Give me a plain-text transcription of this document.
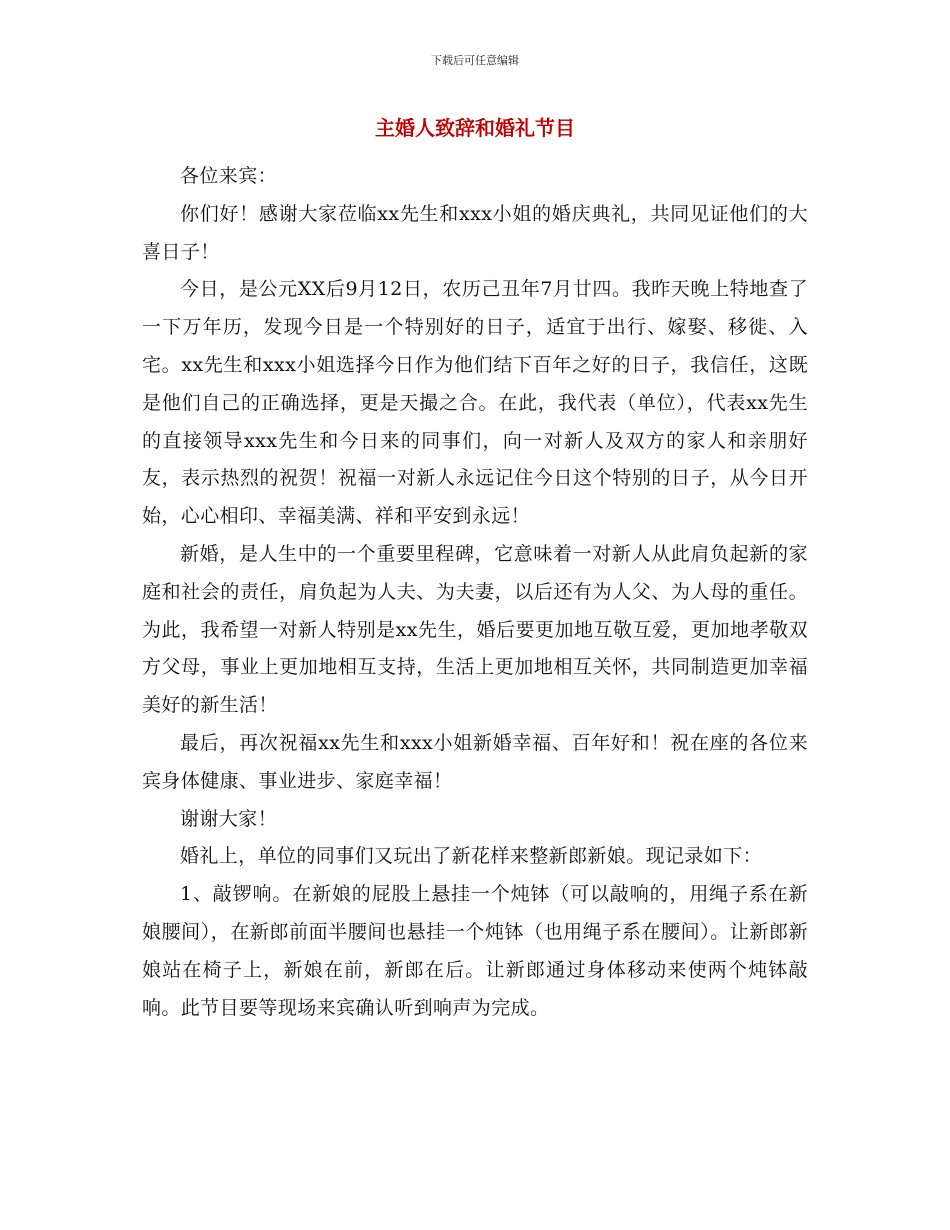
下载后可任意编辑
主婚人致辞和婚礼节目

各位来宾：

你们好！感谢大家莅临xx先生和xxx小姐的婚庆典礼，共同见证他们的大喜日子！

今日，是公元XX后9月12日，农历己丑年7月廿四。我昨天晚上特地查了一下万年历，发现今日是一个特别好的日子，适宜于出行、嫁娶、移徙、入宅。xx先生和xxx小姐选择今日作为他们结下百年之好的日子，我信任，这既是他们自己的正确选择，更是天撮之合。在此，我代表（单位），代表xx先生的直接领导xxx先生和今日来的同事们，向一对新人及双方的家人和亲朋好友，表示热烈的祝贺！祝福一对新人永远记住今日这个特别的日子，从今日开始，心心相印、幸福美满、祥和平安到永远！

新婚，是人生中的一个重要里程碑，它意味着一对新人从此肩负起新的家庭和社会的责任，肩负起为人夫、为夫妻，以后还有为人父、为人母的重任。为此，我希望一对新人特别是xx先生，婚后要更加地互敬互爱，更加地孝敬双方父母，事业上更加地相互支持，生活上更加地相互关怀，共同制造更加幸福美好的新生活！

最后，再次祝福xx先生和xxx小姐新婚幸福、百年好和！祝在座的各位来宾身体健康、事业进步、家庭幸福！

谢谢大家！

婚礼上，单位的同事们又玩出了新花样来整新郎新娘。现记录如下：

1、敲锣响。在新娘的屁股上悬挂一个炖钵（可以敲响的，用绳子系在新娘腰间），在新郎前面半腰间也悬挂一个炖钵（也用绳子系在腰间）。让新郎新娘站在椅子上，新娘在前，新郎在后。让新郎通过身体移动来使两个炖钵敲响。此节目要等现场来宾确认听到响声为完成。
